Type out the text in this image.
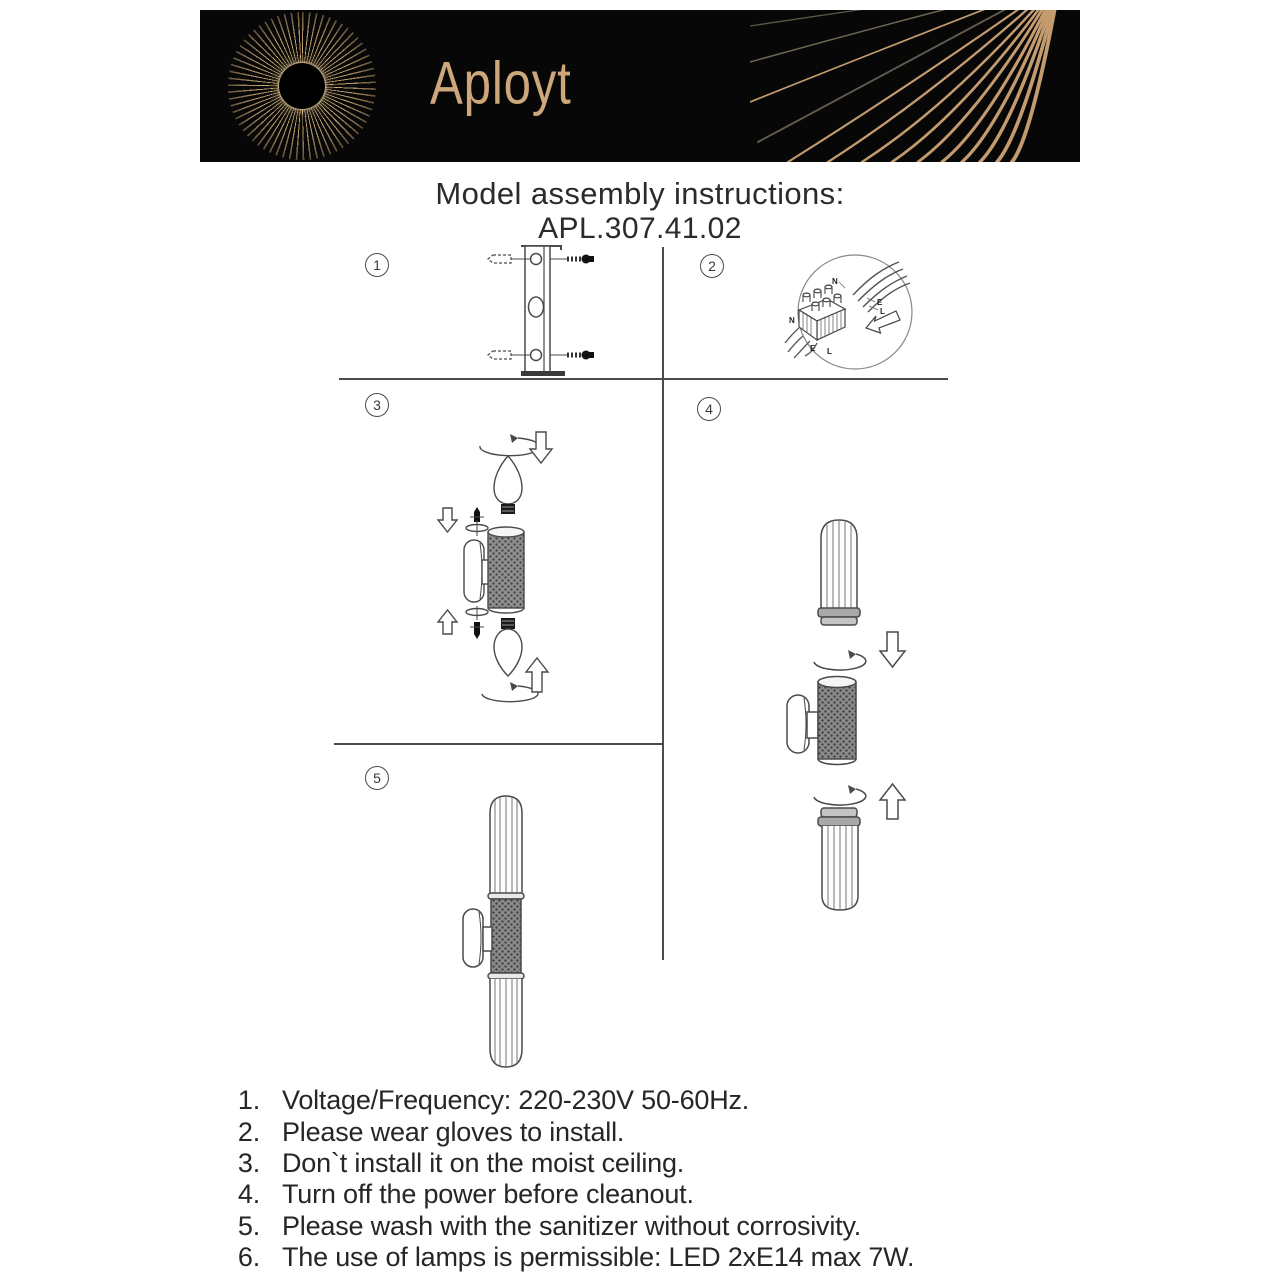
Aployt
Model assembly instructions:
APL.307.41.02
1	2
3	4
5
N
E
L
N
E L
1. Voltage/Frequency: 220-230V 50-60Hz.
2. Please wear gloves to install.
3. Don`t install it on the moist ceiling.
4. Turn off the power before cleanout.
5. Please wash with the sanitizer without corrosivity.
6. The use of lamps is permissible: LED 2xE14 max 7W.
